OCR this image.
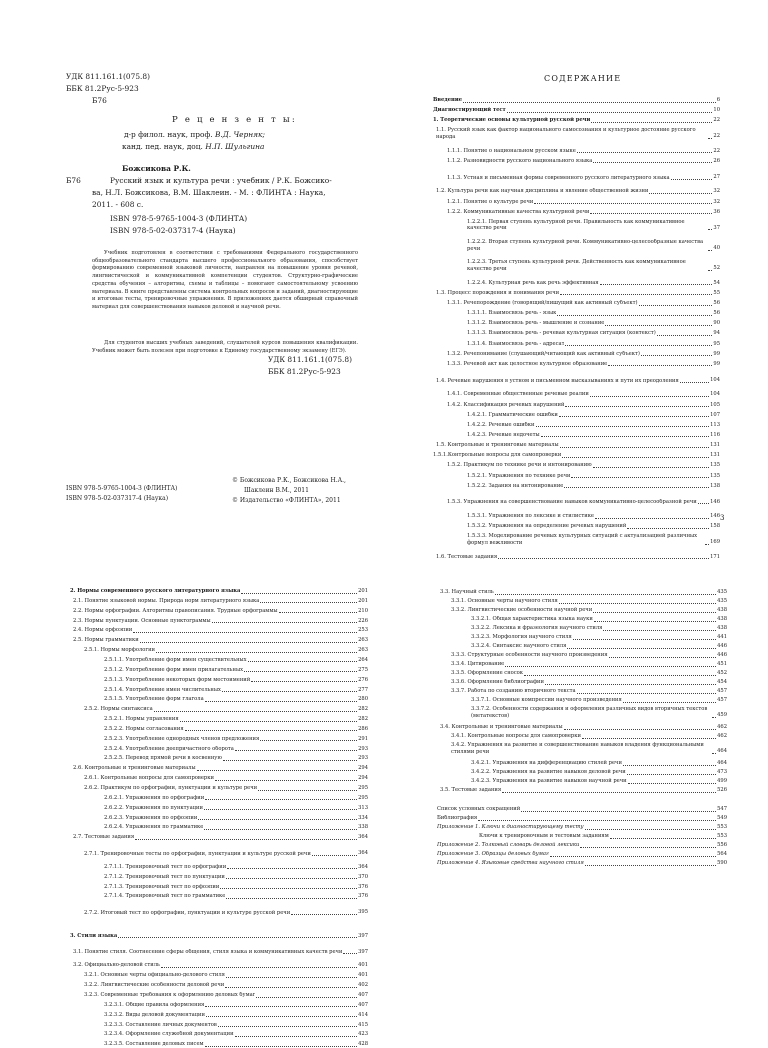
УДК 811.161.1(075.8)
ББК 81.2Рус-5-923
Б76
Р е ц е н з е н т ы:
д-р филол. наук, проф. В.Д. Черняк;
канд. пед. наук, доц. Н.П. Шульгина
Божсикова Р.К.
Б76	Русский язык и культура речи : учебник / Р.К. Божсико-
ва, Н.Л. Божсикова, В.М. Шаклеин. - М. : ФЛИНТА : Наука,
2011. - 608 с.
ISBN 978-5-9765-1004-3 (ФЛИНТА)
ISBN 978-5-02-037317-4 (Наука)
Учебник подготовлен в соответствии с требованиями Федерального государственного общеобразовательного стандарта высшего профессионального образования, способствует формированию современной языковой личности, направлен на повышение уровня речевой, лингвистической и коммуникативной компетенции студентов. Структурно-графические средства обучения – алгоритмы, схемы и таблицы – помогают самостоятельному усвоению материала. В книге представлены система контрольных вопросов и заданий, диагностирующие и итоговые тесты, тренировочные упражнения. В приложениях дается обширный справочный материал для совершенствования навыков деловой и научной речи.
Для студентов высших учебных заведений, слушателей курсов повышения квалификации. Учебник может быть полезен при подготовке к Единому государственному экзамену (ЕГЭ).
УДК 811.161.1(075.8)
ББК 81.2Рус-5-923
© Божсикова Р.К., Божсикова Н.А.,
ISBN 978-5-9765-1004-3 (ФЛИНТА)	Шаклеин В.М., 2011
ISBN 978-5-02-037317-4 (Наука)	© Издательство «ФЛИНТА», 2011
СОДЕРЖАНИЕ
Введение	6
Диагностирующий тест	10
1. Теоретические основы культурной русской речи	22
1.1. Русский язык как фактор национального самосознания и культурное достояние русского народа	22
1.1.1. Понятие о национальном русском языке	22
1.1.2. Разновидности русского национального языка	26
1.1.3. Устная и письменная формы современного русского литературного языка	27
1.2. Культура речи как научная дисциплина и явление общественной жизни	32
1.2.1. Понятие о культуре речи	32
1.2.2. Коммуникативные качества культурной речи	36
1.2.2.1. Первая ступень культурной речи. Правильность как коммуникативное качество речи	37
1.2.2.2. Вторая ступень культурной речи. Коммуникативно-целесообразные качества речи	40
1.2.2.3. Третья ступень культурной речи. Действенность как коммуникативное качество речи	52
1.2.2.4. Культурная речь как речь эффективная	54
1.3. Процесс порождения и понимания речи	55
1.3.1. Речепорождение (говорящий/пишущий как активный субъект)	56
1.3.1.1. Взаимосвязь речь - язык	56
1.3.1.2. Взаимосвязь речь - мышление и сознание	90
1.3.1.3. Взаимосвязь речь - речевая культурная ситуация (контекст)	94
1.3.1.4. Взаимосвязь речь - адресат	95
1.3.2. Речепонимание (слушающий/читающий как активный субъект)	99
1.3.3. Речевой акт как целостное культурное образование	99
1.4. Речевые нарушения в устном и письменном высказываниях и пути их преодоления	104
1.4.1. Современные общественные речевые реалии	104
1.4.2. Классификация речевых нарушений	105
1.4.2.1. Грамматические ошибки	107
1.4.2.2. Речевые ошибки	113
1.4.2.3. Речевые недочеты	116
1.5. Контрольные и тренинговые материалы	131
1.5.1.Контрольные вопросы для самопроверки	131
1.5.2. Практикум по технике речи и интонированию	135
1.5.2.1. Упражнения по технике речи	135
1.5.2.2. Задания на интонирование	138
1.5.3. Упражнения на совершенствование навыков коммуникативно-целесообразной речи	146
1.5.3.1. Упражнения по лексике и стилистике	146
1.5.3.2. Упражнения на определение речевых нарушений	158
1.5.3.3. Моделирование речевых культурных ситуаций с актуализацией различных формул вежливости	169
1.6. Тестовые задания	171
3
2. Нормы современного русского литературного языка	201
2.1. Понятие языковой нормы. Природа норм литературного языка	201
2.2. Нормы орфографии. Алгоритмы правописания. Трудные орфограммы	210
2.3. Нормы пунктуации. Основные пунктограммы	226
2.4. Нормы орфоэпии	253
2.5. Нормы грамматики	263
2.5.1. Нормы морфологии	263
2.5.1.1. Употребление форм имен существительных	264
2.5.1.2. Употребление форм имен прилагательных	275
2.5.1.3. Употребление некоторых форм местоимений	276
2.5.1.4. Употребление имен числительных	277
2.5.1.5. Употребление форм глагола	280
2.5.2. Нормы синтаксиса	282
2.5.2.1. Нормы управления	282
2.5.2.2. Нормы согласования	286
2.5.2.3. Употребление однородных членов предложения	291
2.5.2.4. Употребление деепричастного оборота	293
2.5.2.5. Перевод прямой речи в косвенную	293
2.6. Контрольные и тренинговые материалы	294
2.6.1. Контрольные вопросы для самопроверки	294
2.6.2. Практикум по орфографии, пунктуации и культуре речи	295
2.6.2.1. Упражнения по орфографии	295
2.6.2.2. Упражнения по пунктуации	313
2.6.2.3. Упражнения по орфоэпии	334
2.6.2.4. Упражнения по грамматике	338
2.7. Тестовые задания	364
2.7.1. Тренировочные тесты по орфографии, пунктуации и культуре русской речи	364
2.7.1.1. Тренировочный тест по орфографии	364
2.7.1.2. Тренировочный тест по пунктуации	370
2.7.1.3. Тренировочный тест по орфоэпии	376
2.7.1.4. Тренировочный тест по грамматике	376
2.7.2. Итоговый тест по орфографии, пунктуации и культуре русской речи	395
3. Стили языка	397
3.1. Понятие стиля. Соотнесение сферы общения, стиля языка и коммуникативных качеств речи	397
3.2. Официально-деловой стиль	401
3.2.1. Основные черты официально-делового стиля	401
3.2.2. Лингвистические особенности деловой речи	402
3.2.3. Современные требования к оформлению деловых бумаг	407
3.2.3.1. Общие правила оформления	407
3.2.3.2. Виды деловой документации	414
3.2.3.3. Составление личных документов	415
3.2.3.4. Оформление служебной документации	423
3.2.3.5. Составление деловых писем	428
3.3. Научный стиль	435
3.3.1. Основные черты научного стиля	435
3.3.2. Лингвистические особенности научной речи	438
3.3.2.1. Общая характеристика языка науки	438
3.3.2.2. Лексика и фразеология научного стиля	438
3.3.2.3. Морфология научного стиля	441
3.3.2.4. Синтаксис научного стиля	446
3.3.3. Структурные особенности научного произведения	446
3.3.4. Цитирование	451
3.3.5. Оформление сносок	452
3.3.6. Оформление библиографии	454
3.3.7. Работа по созданию вторичного текста	457
3.3.7.1. Основные компрессии научного произведения	457
3.3.7.2. Особенности содержания и оформления различных видов вторичных текстов (метатекстов)	459
3.4. Контрольные и тренинговые материалы	462
3.4.1. Контрольные вопросы для самопроверки	462
3.4.2. Упражнения на развитие и совершенствование навыков владения функциональными стилями речи	464
3.4.2.1. Упражнения на дифференциацию стилей речи	464
3.4.2.2. Упражнения на развитие навыков деловой речи	473
3.4.2.3. Упражнения на развитие навыков научной речи	499
3.5. Тестовые задания	526
Список условных сокращений	547
Библиография	549
Приложение 1. Ключи к диагностирующему тесту	553
Ключи к тренировочным и тестовым заданиям	553
Приложение 2. Толковый словарь деловой лексики	556
Приложение 3. Образцы деловых бумаг	564
Приложение 4. Языковые средства научного стиля	590
